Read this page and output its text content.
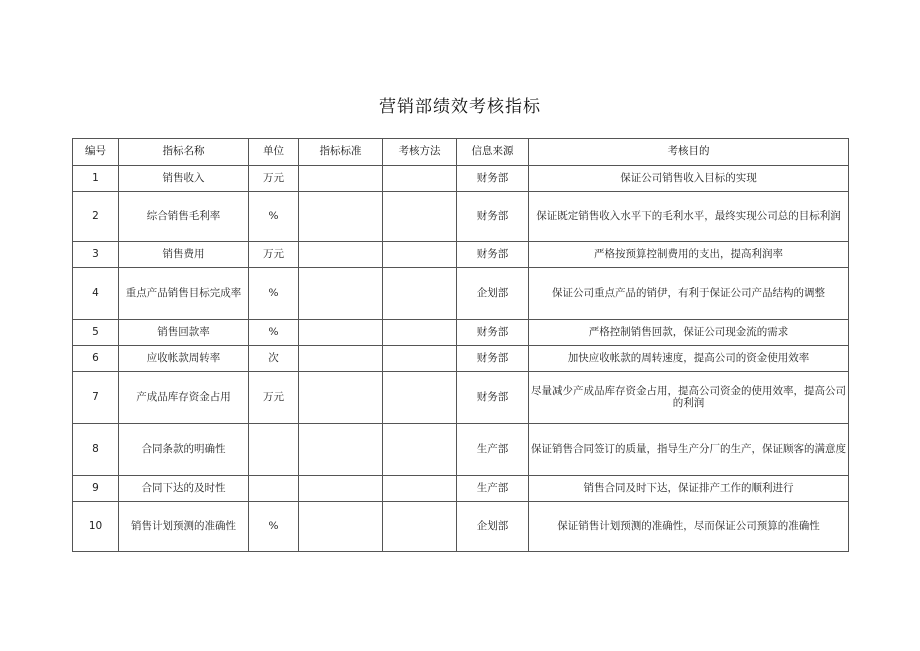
营销部绩效考核指标
编号	指标名称	单位	指标标准	考核方法	信息来源	考核目的
1	销售收入	万元			财务部	保证公司销售收入目标的实现
2	综合销售毛利率	%			财务部	保证既定销售收入水平下的毛利水平，最终实现公司总的目标利润
3	销售费用	万元			财务部	严格按预算控制费用的支出，提高利润率
4	重点产品销售目标完成率	%			企划部	保证公司重点产品的销伊，有利于保证公司产品结构的调整
5	销售回款率	%			财务部	严格控制销售回款，保证公司现金流的需求
6	应收帐款周转率	次			财务部	加快应收帐款的周转速度，提高公司的资金使用效率
7	产成品库存资金占用	万元			财务部	尽量减少产成品库存资金占用，提高公司资金的使用效率，提高公司的利润
8	合同条款的明确性				生产部	保证销售合同签订的质量，指导生产分厂的生产，保证顾客的满意度
9	合同下达的及时性				生产部	销售合同及时下达，保证排产工作的顺利进行
10	销售计划预测的准确性	%			企划部	保证销售计划预测的准确性，尽而保证公司预算的准确性
